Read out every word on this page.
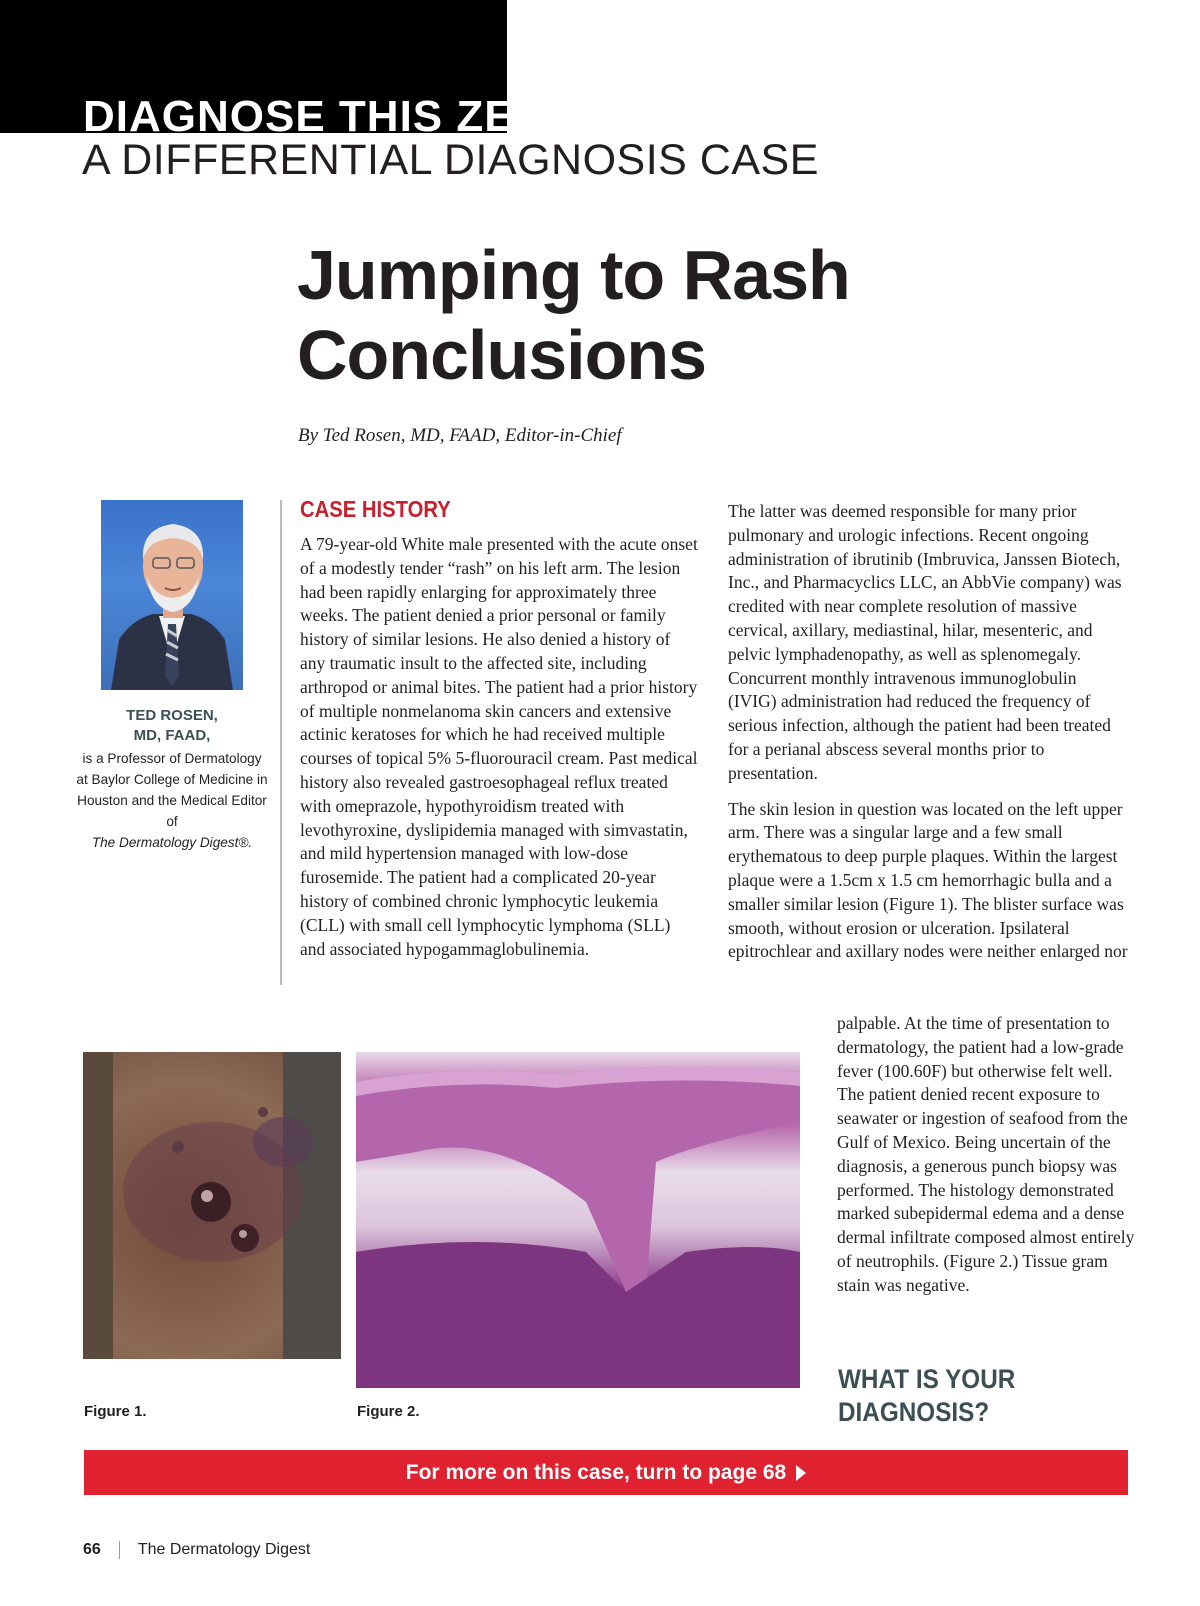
DIAGNOSE THIS ZEBRA
A DIFFERENTIAL DIAGNOSIS CASE
Jumping to Rash
Conclusions
By Ted Rosen, MD, FAAD, Editor-in-Chief
TED ROSEN,
MD, FAAD,
is a Professor of Dermatology at Baylor College of Medicine in Houston and the Medical Editor of
The Dermatology Digest®.
CASE HISTORY

A 79-year-old White male presented with the acute onset of a modestly tender “rash” on his left arm. The lesion had been rapidly enlarging for approximately three weeks. The patient denied a prior personal or family history of similar lesions. He also denied a history of any traumatic insult to the affected site, including arthropod or animal bites. The patient had a prior history of multiple nonmelanoma skin cancers and extensive actinic keratoses for which he had received multiple courses of topical 5% 5-fluorouracil cream. Past medical history also revealed gastroesophageal reflux treated with omeprazole, hypothyroidism treated with levothyroxine, dyslipidemia managed with simvastatin, and mild hypertension managed with low-dose furosemide. The patient had a complicated 20-year history of combined chronic lymphocytic leukemia (CLL) with small cell lymphocytic lymphoma (SLL) and associated hypogammaglobulinemia.

The latter was deemed responsible for many prior pulmonary and urologic infections. Recent ongoing administration of ibrutinib (Imbruvica, Janssen Biotech, Inc., and Pharmacyclics LLC, an AbbVie company) was credited with near complete resolution of massive cervical, axillary, mediastinal, hilar, mesenteric, and pelvic lymphadenopathy, as well as splenomegaly. Concurrent monthly intravenous immunoglobulin (IVIG) administration had reduced the frequency of serious infection, although the patient had been treated for a perianal abscess several months prior to presentation.

The skin lesion in question was located on the left upper arm. There was a singular large and a few small erythematous to deep purple plaques. Within the largest plaque were a 1.5cm x 1.5 cm hemorrhagic bulla and a smaller similar lesion (Figure 1). The blister surface was smooth, without erosion or ulceration. Ipsilateral epitrochlear and axillary nodes were neither enlarged nor

palpable. At the time of presentation to dermatology, the patient had a low-grade fever (100.60F) but otherwise felt well. The patient denied recent exposure to seawater or ingestion of seafood from the Gulf of Mexico. Being uncertain of the diagnosis, a generous punch biopsy was performed. The histology demonstrated marked subepidermal edema and a dense dermal infiltrate composed almost entirely of neutrophils. (Figure 2.) Tissue gram stain was negative.

WHAT IS YOUR
DIAGNOSIS?
Figure 1.	Figure 2.
For more on this case, turn to page 68
66 The Dermatology Digest
